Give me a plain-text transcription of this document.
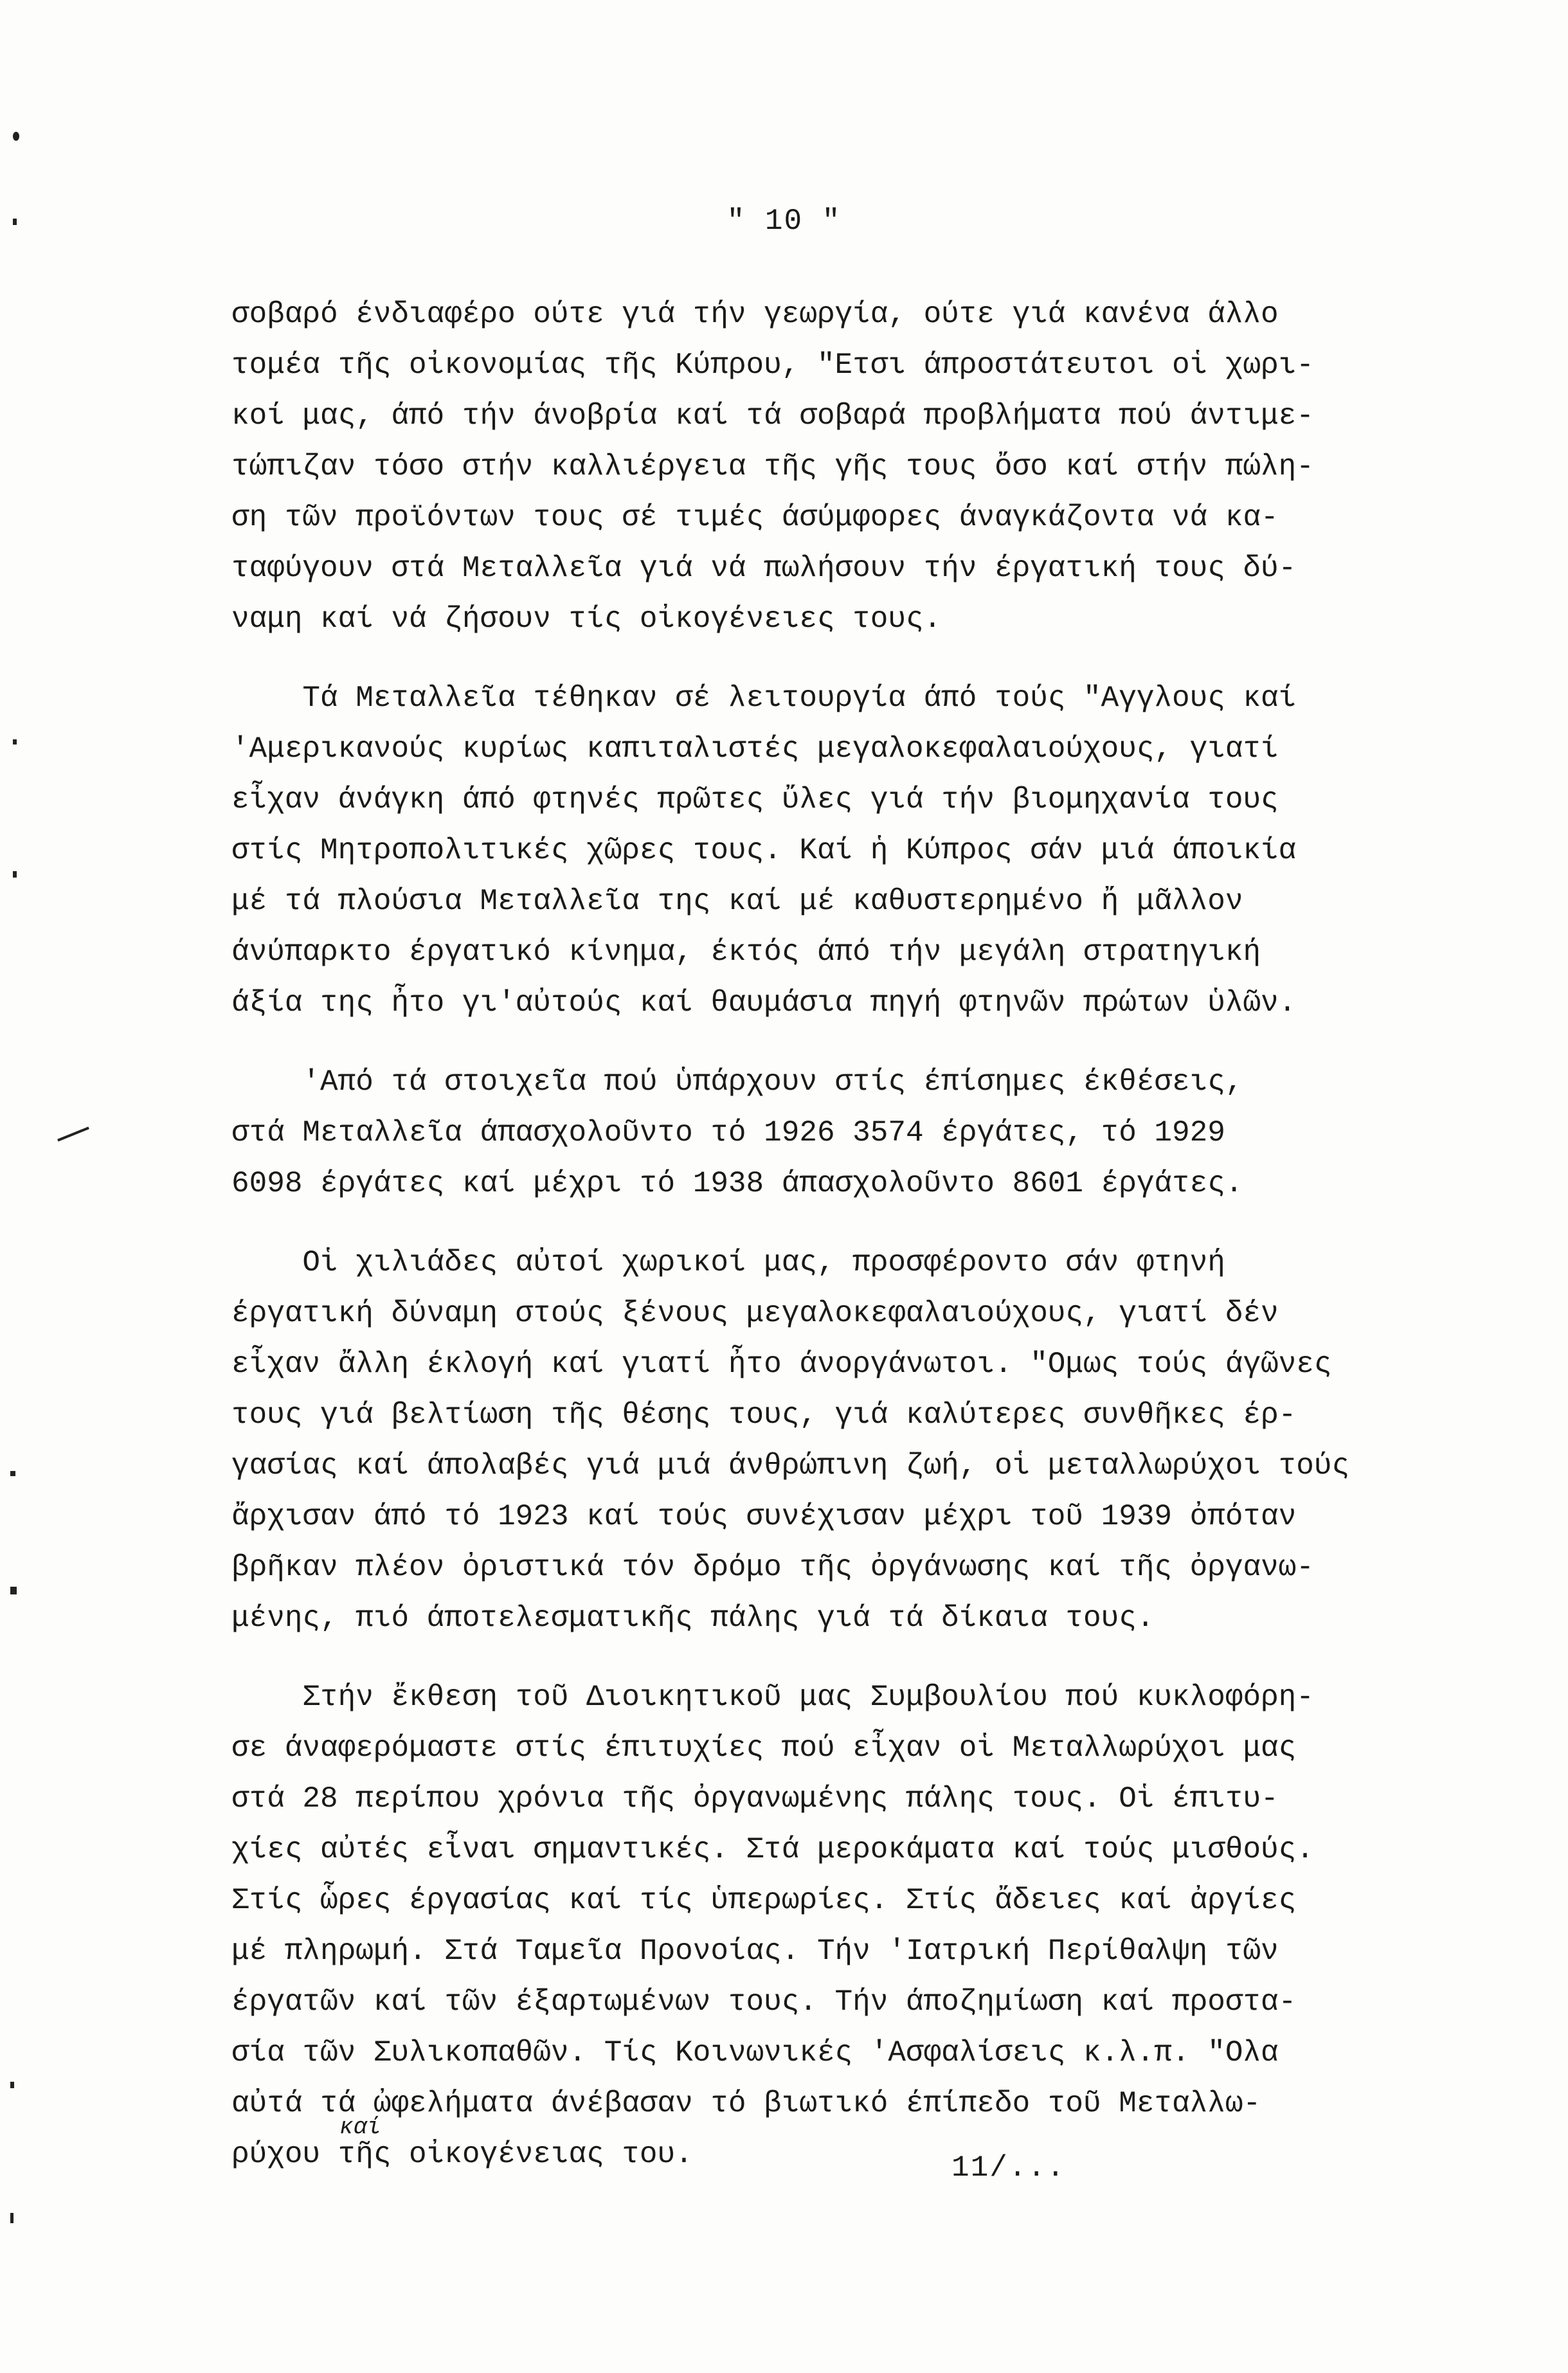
" 10 "
σοβαρό ένδιαφέρο ούτε γιά τήν γεωργία, ούτε γιά κανένα άλλο
τομέα τῆς οἰκονομίας τῆς Κύπρου, "Ετσι άπροστάτευτοι οἱ χωρι-
κοί μας, άπό τήν άνοβρία καί τά σοβαρά προβλήματα πού άντιμε-
τώπιζαν τόσο στήν καλλιέργεια τῆς γῆς τους ὄσο καί στήν πώλη-
ση τῶν προϊόντων τους σέ τιμές άσύμφορες άναγκάζοντα νά κα-
ταφύγουν στά Μεταλλεῖα γιά νά πωλήσουν τήν έργατική τους δύ-
ναμη καί νά ζήσουν τίς οἰκογένειες τους.
Τά Μεταλλεῖα τέθηκαν σέ λειτουργία άπό τούς "Αγγλους καί
'Αμερικανούς κυρίως καπιταλιστές μεγαλοκεφαλαιούχους, γιατί
εἶχαν άνάγκη άπό φτηνές πρῶτες ὔλες γιά τήν βιομηχανία τους
στίς Μητροπολιτικές χῶρες τους. Καί ἡ Κύπρος σάν μιά άποικία
μέ τά πλούσια Μεταλλεῖα της καί μέ καθυστερημένο ἤ μᾶλλον
άνύπαρκτο έργατικό κίνημα, έκτός άπό τήν μεγάλη στρατηγική
άξία της ἦτο γι'αὐτούς καί θαυμάσια πηγή φτηνῶν πρώτων ὑλῶν.
'Από τά στοιχεῖα πού ὑπάρχουν στίς έπίσημες έκθέσεις,
στά Μεταλλεῖα άπασχολοῦντο τό 1926 3574 έργάτες, τό 1929
6098 έργάτες καί μέχρι τό 1938 άπασχολοῦντο 8601 έργάτες.
Οἱ χιλιάδες αὐτοί χωρικοί μας, προσφέροντο σάν φτηνή
έργατική δύναμη στούς ξένους μεγαλοκεφαλαιούχους, γιατί δέν
εἶχαν ἄλλη έκλογή καί γιατί ἦτο άνοργάνωτοι. "Ομως τούς άγῶνες
τους γιά βελτίωση τῆς θέσης τους, γιά καλύτερες συνθῆκες έρ-
γασίας καί άπολαβές γιά μιά άνθρώπινη ζωή, οἱ μεταλλωρύχοι τούς
ἄρχισαν άπό τό 1923 καί τούς συνέχισαν μέχρι τοῦ 1939 ὀπόταν
βρῆκαν πλέον ὀριστικά τόν δρόμο τῆς ὀργάνωσης καί τῆς ὀργανω-
μένης, πιό άποτελεσματικῆς πάλης γιά τά δίκαια τους.
Στήν ἔκθεση τοῦ Διοικητικοῦ μας Συμβουλίου πού κυκλοφόρη-
σε άναφερόμαστε στίς έπιτυχίες πού εἶχαν οἱ Μεταλλωρύχοι μας
στά 28 περίπου χρόνια τῆς ὀργανωμένης πάλης τους. Οἱ έπιτυ-
χίες αὐτές εἶναι σημαντικές. Στά μεροκάματα καί τούς μισθούς.
Στίς ὧρες έργασίας καί τίς ὑπερωρίες. Στίς ἄδειες καί ἀργίες
μέ πληρωμή. Στά Ταμεῖα Προνοίας. Τήν 'Ιατρική Περίθαλψη τῶν
έργατῶν καί τῶν έξαρτωμένων τους. Τήν άποζημίωση καί προστα-
σία τῶν Συλικοπαθῶν. Τίς Κοινωνικές 'Ασφαλίσεις κ.λ.π. "Ολα
αὐτά τά ὠφελήματα άνέβασαν τό βιωτικό έπίπεδο τοῦ Μεταλλω-
ρύχου τῆς οἰκογένειας του.
καί
11/...
